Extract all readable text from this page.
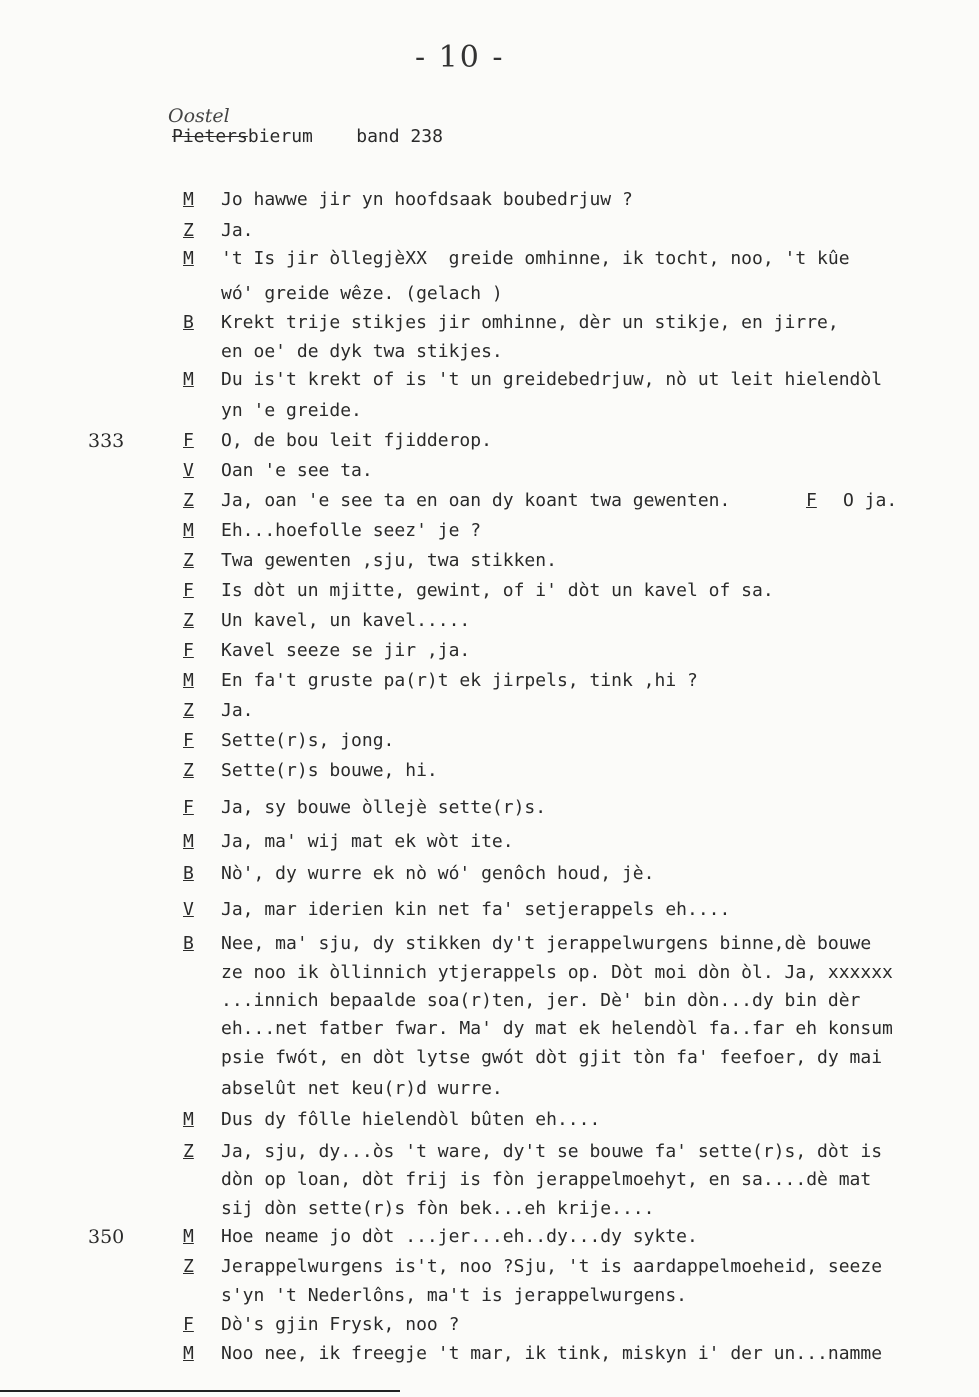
- 10 -
Oostel
Pietersbierum band 238
M Jo hawwe jir yn hoofdsaak boubedrjuw ?
Z Ja.
M 't Is jir òllegjèXX  greide omhinne, ik tocht, noo, 't kûe
wó' greide wêze. (gelach )
B Krekt trije stikjes jir omhinne, dèr un stikje, en jirre,
en oe' de dyk twa stikjes.
M Du is't krekt of is 't un greidebedrjuw, nò ut leit hielendòl
yn 'e greide.
333	F O, de bou leit fjidderop.
V Oan 'e see ta.
Z Ja, oan 'e see ta en oan dy koant twa gewenten.	F O ja.
M Eh...hoefolle seez' je ?
Z Twa gewenten ,sju, twa stikken.
F Is dòt un mjitte, gewint, of i' dòt un kavel of sa.
Z Un kavel, un kavel.....
F Kavel seeze se jir ,ja.
M En fa't gruste pa(r)t ek jirpels, tink ,hi ?
Z Ja.
F Sette(r)s, jong.
Z Sette(r)s bouwe, hi.
F Ja, sy bouwe òllejè sette(r)s.
M Ja, ma' wij mat ek wòt ite.
B Nò', dy wurre ek nò wó' genôch houd, jè.
V Ja, mar iderien kin net fa' setjerappels eh....
B Nee, ma' sju, dy stikken dy't jerappelwurgens binne,dè bouwe
ze noo ik òllinnich ytjerappels op. Dòt moi dòn òl. Ja, xxxxxx
...innich bepaalde soa(r)ten, jer. Dè' bin dòn...dy bin dèr
eh...net fatber fwar. Ma' dy mat ek helendòl fa..far eh konsum
psie fwót, en dòt lytse gwót dòt gjit tòn fa' feefoer, dy mai
abselût net keu(r)d wurre.
M Dus dy fôlle hielendòl bûten eh....
Z Ja, sju, dy...òs 't ware, dy't se bouwe fa' sette(r)s, dòt is
dòn op loan, dòt frij is fòn jerappelmoehyt, en sa....dè mat
sij dòn sette(r)s fòn bek...eh krije....
350	M Hoe neame jo dòt ...jer...eh..dy...dy sykte.
Z Jerappelwurgens is't, noo ?Sju, 't is aardappelmoeheid, seeze
s'yn 't Nederlôns, ma't is jerappelwurgens.
F Dò's gjin Frysk, noo ?
M Noo nee, ik freegje 't mar, ik tink, miskyn i' der un...namme
